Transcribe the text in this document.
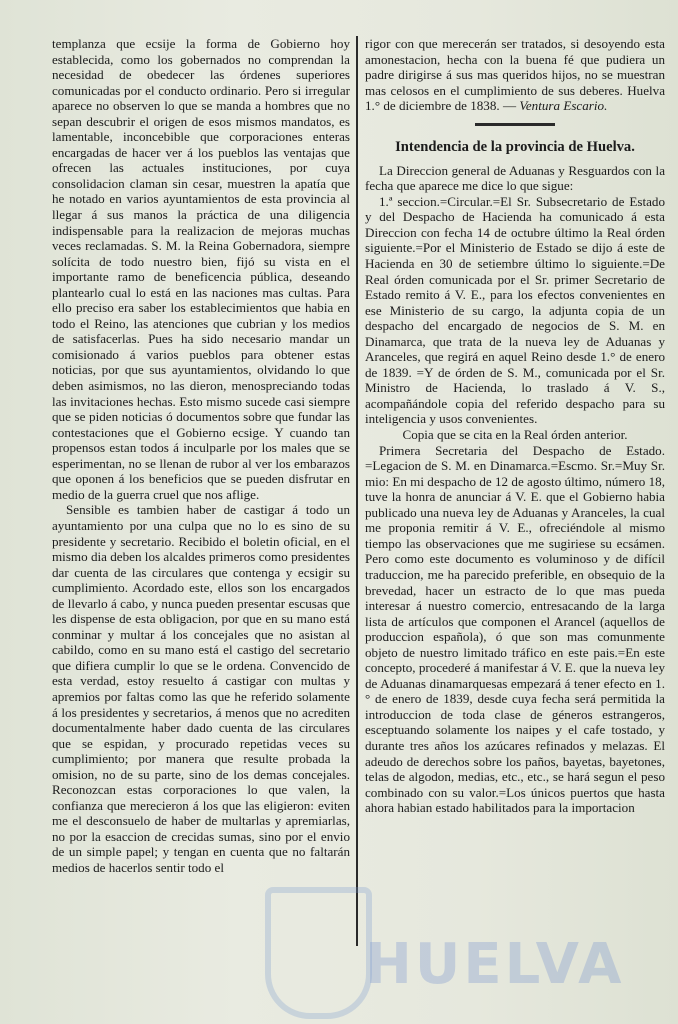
templanza que ecsije la forma de Gobierno hoy establecida, como los gobernados no comprendan la necesidad de obedecer las órdenes superiores comunicadas por el conducto ordinario. Pero si irregular aparece no observen lo que se manda a hombres que no sepan descubrir el origen de esos mismos mandatos, es lamentable, inconcebible que corporaciones enteras encargadas de hacer ver á los pueblos las ventajas que ofrecen las actuales instituciones, por cuya consolidacion claman sin cesar, muestren la apatía que he notado en varios ayuntamientos de esta provincia al llegar á sus manos la práctica de una diligencia indispensable para la realizacion de mejoras muchas veces reclamadas. S. M. la Reina Gobernadora, siempre solícita de todo nuestro bien, fijó su vista en el importante ramo de beneficencia pública, deseando plantearlo cual lo está en las naciones mas cultas. Para ello preciso era saber los establecimientos que habia en todo el Reino, las atenciones que cubrian y los medios de satisfacerlas. Pues ha sido necesario mandar un comisionado á varios pueblos para obtener estas noticias, por que sus ayuntamientos, olvidando lo que deben asimismos, no las dieron, menospreciando todas las invitaciones hechas. Esto mismo sucede casi siempre que se piden noticias ó documentos sobre que fundar las contestaciones que el Gobierno ecsige. Y cuando tan propensos estan todos á inculparle por los males que se esperimentan, no se llenan de rubor al ver los embarazos que oponen á los beneficios que se pueden disfrutar en medio de la guerra cruel que nos aflige.

Sensible es tambien haber de castigar á todo un ayuntamiento por una culpa que no lo es sino de su presidente y secretario. Recibido el boletin oficial, en el mismo dia deben los alcaldes primeros como presidentes dar cuenta de las circulares que contenga y ecsigir su cumplimiento. Acordado este, ellos son los encargados de llevarlo á cabo, y nunca pueden presentar escusas que les dispense de esta obligacion, por que en su mano está conminar y multar á los concejales que no asistan al cabildo, como en su mano está el castigo del secretario que difiera cumplir lo que se le ordena. Convencido de esta verdad, estoy resuelto á castigar con multas y apremios por faltas como las que he referido solamente á los presidentes y secretarios, á menos que no acrediten documentalmente haber dado cuenta de las circulares que se espidan, y procurado repetidas veces su cumplimiento; por manera que resulte probada la omision, no de su parte, sino de los demas concejales. Reconozcan estas corporaciones lo que valen, la confianza que merecieron á los que las eligieron: eviten me el desconsuelo de haber de multarlas y apremiarlas, no por la esaccion de crecidas sumas, sino por el envio de un simple papel; y tengan en cuenta que no faltarán medios de hacerlos sentir todo el

rigor con que merecerán ser tratados, si desoyendo esta amonestacion, hecha con la buena fé que pudiera un padre dirigirse á sus mas queridos hijos, no se muestran mas celosos en el cumplimiento de sus deberes. Huelva 1.° de diciembre de 1838. — Ventura Escario.

Intendencia de la provincia de Huelva.

La Direccion general de Aduanas y Resguardos con la fecha que aparece me dice lo que sigue:

1.ª seccion.=Circular.=El Sr. Subsecretario de Estado y del Despacho de Hacienda ha comunicado á esta Direccion con fecha 14 de octubre último la Real órden siguiente.=Por el Ministerio de Estado se dijo á este de Hacienda en 30 de setiembre último lo siguiente.=De Real órden comunicada por el Sr. primer Secretario de Estado remito á V. E., para los efectos convenientes en ese Ministerio de su cargo, la adjunta copia de un despacho del encargado de negocios de S. M. en Dinamarca, que trata de la nueva ley de Aduanas y Aranceles, que regirá en aquel Reino desde 1.° de enero de 1839. =Y de órden de S. M., comunicada por el Sr. Ministro de Hacienda, lo traslado á V. S., acompañándole copia del referido despacho para su inteligencia y usos convenientes.

Copia que se cita en la Real órden anterior.

Primera Secretaria del Despacho de Estado. =Legacion de S. M. en Dinamarca.=Escmo. Sr.=Muy Sr. mio: En mi despacho de 12 de agosto último, número 18, tuve la honra de anunciar á V. E. que el Gobierno habia publicado una nueva ley de Aduanas y Aranceles, la cual me proponia remitir á V. E., ofreciéndole al mismo tiempo las observaciones que me sugiriese su ecsámen. Pero como este documento es voluminoso y de difícil traduccion, me ha parecido preferible, en obsequio de la brevedad, hacer un estracto de lo que mas pueda interesar á nuestro comercio, entresacando de la larga lista de artículos que componen el Arancel (aquellos de produccion española), ó que son mas comunmente objeto de nuestro limitado tráfico en este pais.=En este concepto, procederé á manifestar á V. E. que la nueva ley de Aduanas dinamarquesas empezará á tener efecto en 1.° de enero de 1839, desde cuya fecha será permitida la introduccion de toda clase de géneros estrangeros, esceptuando solamente los naipes y el cafe tostado, y durante tres años los azúcares refinados y melazas. El adeudo de derechos sobre los paños, bayetas, bayetones, telas de algodon, medias, etc., etc., se hará segun el peso combinado con su valor.=Los únicos puertos que hasta ahora habian estado habilitados para la importacion

HUELVA
